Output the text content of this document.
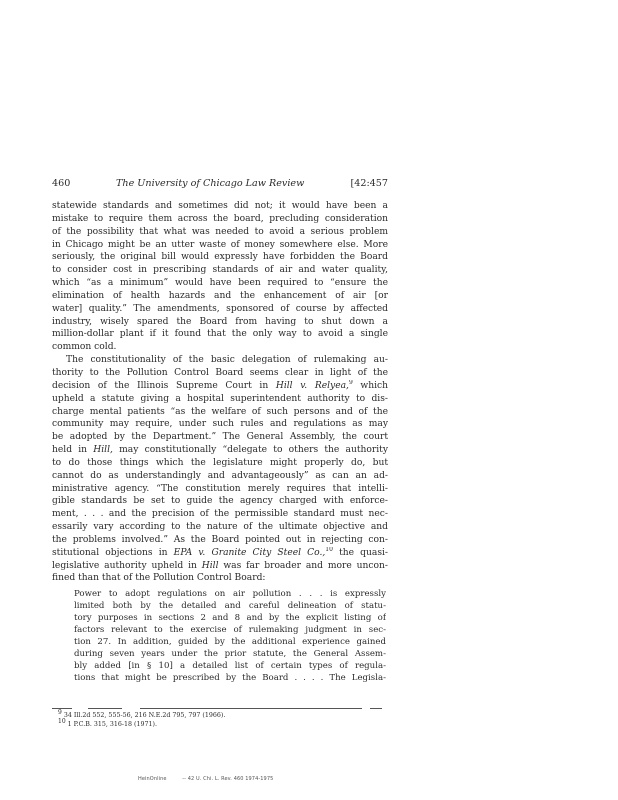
460	The University of Chicago Law Review	[42:457
statewide standards and sometimes did not; it would have been a
mistake to require them across the board, precluding consideration
of the possibility that what was needed to avoid a serious problem
in Chicago might be an utter waste of money somewhere else. More
seriously, the original bill would expressly have forbidden the Board
to consider cost in prescribing standards of air and water quality,
which “as a minimum” would have been required to “ensure the
elimination of health hazards and the enhancement of air [or
water] quality.” The amendments, sponsored of course by affected
industry, wisely spared the Board from having to shut down a
million-dollar plant if it found that the only way to avoid a single
common cold.
The constitutionality of the basic delegation of rulemaking au-
thority to the Pollution Control Board seems clear in light of the
decision of the Illinois Supreme Court in Hill v. Relyea,$^9$ which
upheld a statute giving a hospital superintendent authority to dis-
charge mental patients “as the welfare of such persons and of the
community may require, under such rules and regulations as may
be adopted by the Department.” The General Assembly, the court
held in Hill, may constitutionally “delegate to others the authority
to do those things which the legislature might properly do, but
cannot do as understandingly and advantageously” as can an ad-
ministrative agency. “The constitution merely requires that intelli-
gible standards be set to guide the agency charged with enforce-
ment, . . . and the precision of the permissible standard must nec-
essarily vary according to the nature of the ultimate objective and
the problems involved.” As the Board pointed out in rejecting con-
stitutional objections in EPA v. Granite City Steel Co.,$^{10}$ the quasi-
legislative authority upheld in Hill was far broader and more uncon-
fined than that of the Pollution Control Board:
Power to adopt regulations on air pollution . . . is expressly
limited both by the detailed and careful delineation of statu-
tory purposes in sections 2 and 8 and by the explicit listing of
factors relevant to the exercise of rulemaking judgment in sec-
tion 27. In addition, guided by the additional experience gained
during seven years under the prior statute, the General Assem-
bly added [in § 10] a detailed list of certain types of regula-
tions that might be prescribed by the Board . . . . The Legisla-
$^9$ 34 Ill.2d 552, 555-56, 216 N.E.2d 795, 797 (1966).
$^{10}$ 1 P.C.B. 315, 316-18 (1971).
HeinOnline	-- 42 U. Chi. L. Rev. 460 1974-1975
